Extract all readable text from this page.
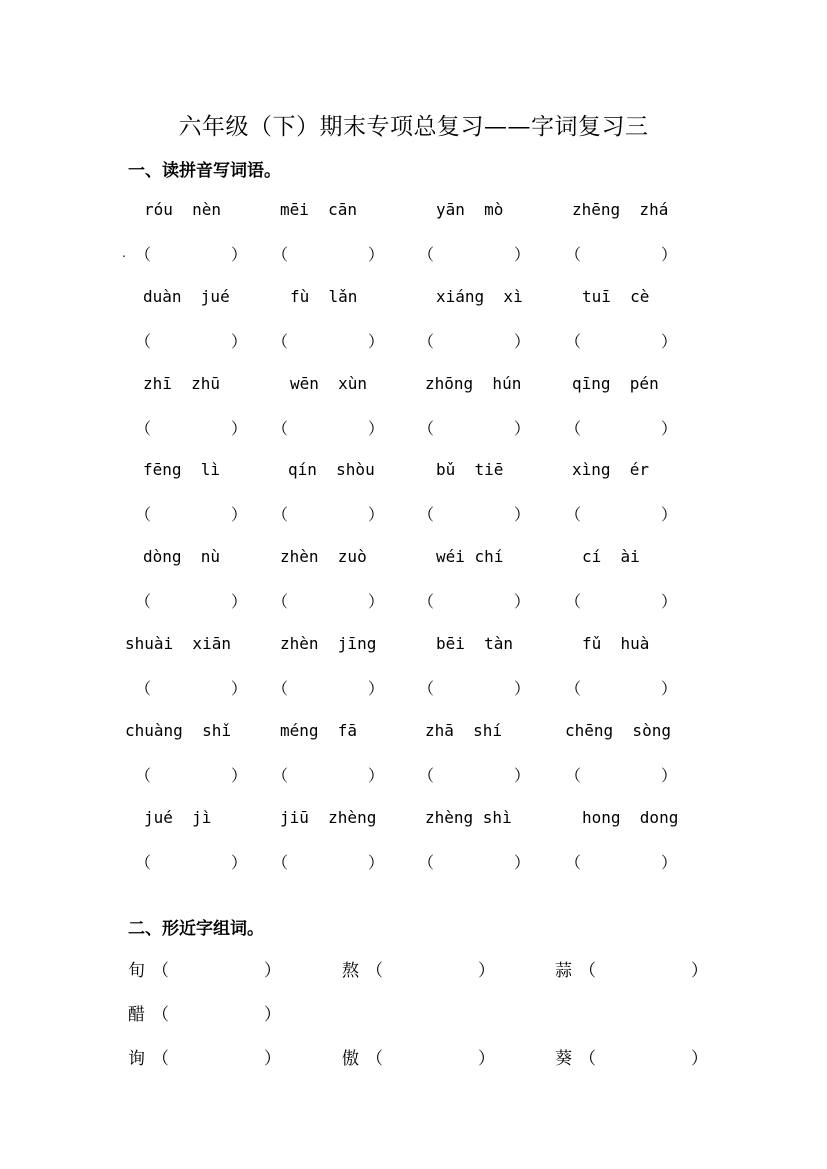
六年级（下）期末专项总复习——字词复习三
一、读拼音写词语。
róu  nèn	mēi  cān	yān  mò	zhēng  zhá
（	） （	） （	） （	）
.
duàn  jué	fù  lǎn	xiáng  xì	tuī  cè
（	） （	） （	） （	）
zhī  zhū	wēn  xùn	zhōng  hún	qīng  pén
（	） （	） （	） （	）
fēng  lì	qín  shòu	bǔ  tiē	xìng  ér
（	） （	） （	） （	）
dòng  nù	zhèn  zuò	wéi chí	cí  ài
（	） （	） （	） （	）
shuài  xiān	zhèn  jīng	bēi  tàn	fǔ  huà
（	） （	） （	） （	）
chuàng  shǐ	méng  fā	zhā  shí	chēng  sòng
（	） （	） （	） （	）
jué  jì	jiū  zhèng	zhèng shì	hong  dong
（	） （	） （	） （	）
二、形近字组词。
旬 （	）	熬 （	）	蒜 （	）
醋 （	）
询 （	）	傲 （	）	葵 （	）
